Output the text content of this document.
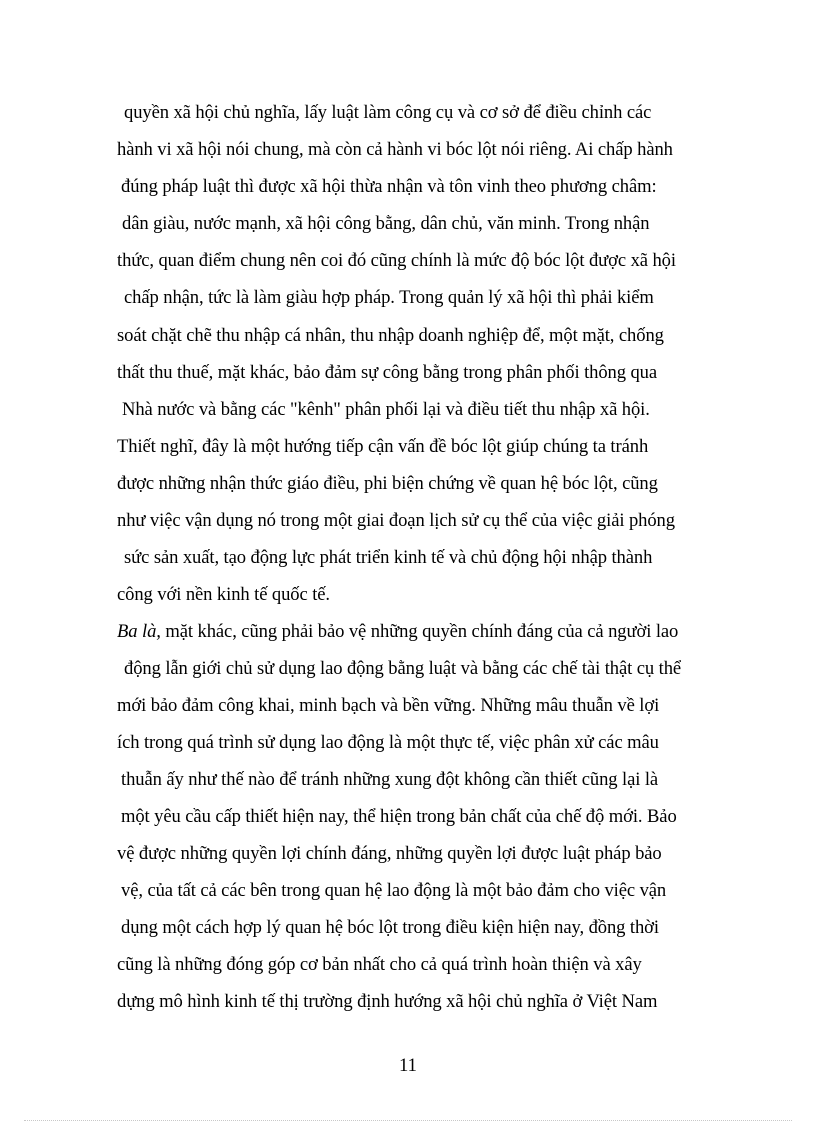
quyền xã hội chủ nghĩa, lấy luật làm công cụ và cơ sở để điều chỉnh các
hành vi xã hội nói chung, mà còn cả hành vi bóc lột nói riêng. Ai chấp hành
đúng pháp luật thì được xã hội thừa nhận và tôn vinh theo phương châm:
dân giàu, nước mạnh, xã hội công bằng, dân chủ, văn minh. Trong nhận
thức, quan điểm chung nên coi đó cũng chính là mức độ bóc lột được xã hội
chấp nhận, tức là làm giàu hợp pháp. Trong quản lý xã hội thì phải kiểm
soát chặt chẽ thu nhập cá nhân, thu nhập doanh nghiệp để, một mặt, chống
thất thu thuế, mặt khác, bảo đảm sự công bằng trong phân phối thông qua
Nhà nước và bằng các "kênh" phân phối lại và điều tiết thu nhập xã hội.
Thiết nghĩ, đây là một hướng tiếp cận vấn đề bóc lột giúp chúng ta tránh
được những nhận thức giáo điều, phi biện chứng về quan hệ bóc lột, cũng
như việc vận dụng nó trong một giai đoạn lịch sử cụ thể của việc giải phóng
sức sản xuất, tạo động lực phát triển kinh tế và chủ động hội nhập thành
công với nền kinh tế quốc tế.
Ba là, mặt khác, cũng phải bảo vệ những quyền chính đáng của cả người lao
động lẫn giới chủ sử dụng lao động bằng luật và bằng các chế tài thật cụ thể
mới bảo đảm công khai, minh bạch và bền vững. Những mâu thuẫn về lợi
ích trong quá trình sử dụng lao động là một thực tế, việc phân xử các mâu
thuẫn ấy như thế nào để tránh những xung đột không cần thiết cũng lại là
một yêu cầu cấp thiết hiện nay, thể hiện trong bản chất của chế độ mới. Bảo
vệ được những quyền lợi chính đáng, những quyền lợi được luật pháp bảo
vệ, của tất cả các bên trong quan hệ lao động là một bảo đảm cho việc vận
dụng một cách hợp lý quan hệ bóc lột trong điều kiện hiện nay, đồng thời
cũng là những đóng góp cơ bản nhất cho cả quá trình hoàn thiện và xây
dựng mô hình kinh tế thị trường định hướng xã hội chủ nghĩa ở Việt Nam
11
